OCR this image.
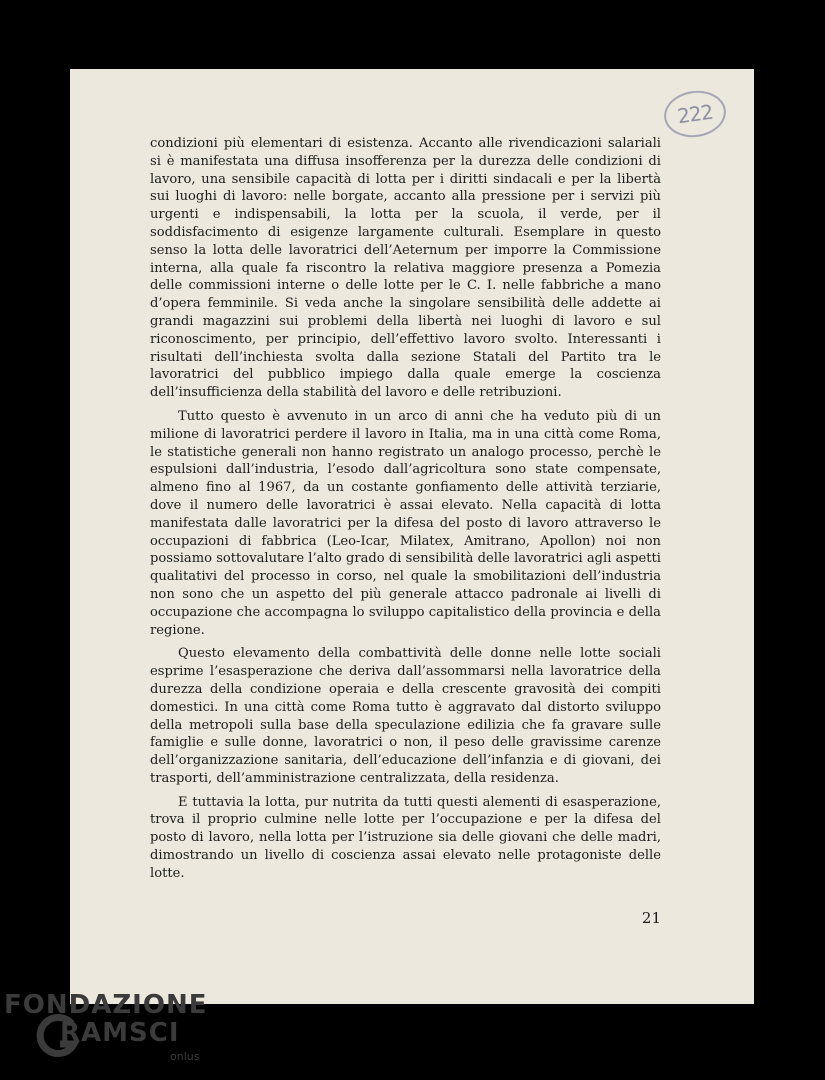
222

condizioni più elementari di esistenza. Accanto alle rivendicazioni salariali si è manifestata una diffusa insofferenza per la durezza delle condizioni di lavoro, una sensibile capacità di lotta per i diritti sindacali e per la libertà sui luoghi di lavoro: nelle borgate, accanto alla pressione per i servizi più urgenti e indispensabili, la lotta per la scuola, il verde, per il soddisfacimento di esigenze largamente culturali. Esemplare in questo senso la lotta delle lavoratrici dell’Aeternum per imporre la Commissione interna, alla quale fa riscontro la relativa maggiore presenza a Pomezia delle commissioni interne o delle lotte per le C. I. nelle fabbriche a mano d’opera femminile. Si veda anche la singolare sensibilità delle addette ai grandi magazzini sui problemi della libertà nei luoghi di lavoro e sul riconoscimento, per principio, dell’effettivo lavoro svolto. Interessanti i risultati dell’inchiesta svolta dalla sezione Statali del Partito tra le lavoratrici del pubblico impiego dalla quale emerge la coscienza dell’insufficienza della stabilità del lavoro e delle retribuzioni.

Tutto questo è avvenuto in un arco di anni che ha veduto più di un milione di lavoratrici perdere il lavoro in Italia, ma in una città come Roma, le statistiche generali non hanno registrato un analogo processo, perchè le espulsioni dall’industria, l’esodo dall’agricoltura sono state compensate, almeno fino al 1967, da un costante gonfiamento delle attività terziarie, dove il numero delle lavoratrici è assai elevato. Nella capacità di lotta manifestata dalle lavoratrici per la difesa del posto di lavoro attraverso le occupazioni di fabbrica (Leo-Icar, Milatex, Amitrano, Apollon) noi non possiamo sottovalutare l’alto grado di sensibilità delle lavoratrici agli aspetti qualitativi del processo in corso, nel quale la smobilitazioni dell’industria non sono che un aspetto del più generale attacco padronale ai livelli di occupazione che accompagna lo sviluppo capitalistico della provincia e della regione.

Questo elevamento della combattività delle donne nelle lotte sociali esprime l’esasperazione che deriva dall’assommarsi nella lavoratrice della durezza della condizione operaia e della crescente gravosità dei compiti domestici. In una città come Roma tutto è aggravato dal distorto sviluppo della metropoli sulla base della speculazione edilizia che fa gravare sulle famiglie e sulle donne, lavoratrici o non, il peso delle gravissime carenze dell’organizzazione sanitaria, dell’educazione dell’infanzia e di giovani, dei trasporti, dell’amministrazione centralizzata, della residenza.

E tuttavia la lotta, pur nutrita da tutti questi alementi di esasperazione, trova il proprio culmine nelle lotte per l’occupazione e per la difesa del posto di lavoro, nella lotta per l’istruzione sia delle giovani che delle madri, dimostrando un livello di coscienza assai elevato nelle protagoniste delle lotte.

21
FONDAZIONE
RAMSCI
onlus
